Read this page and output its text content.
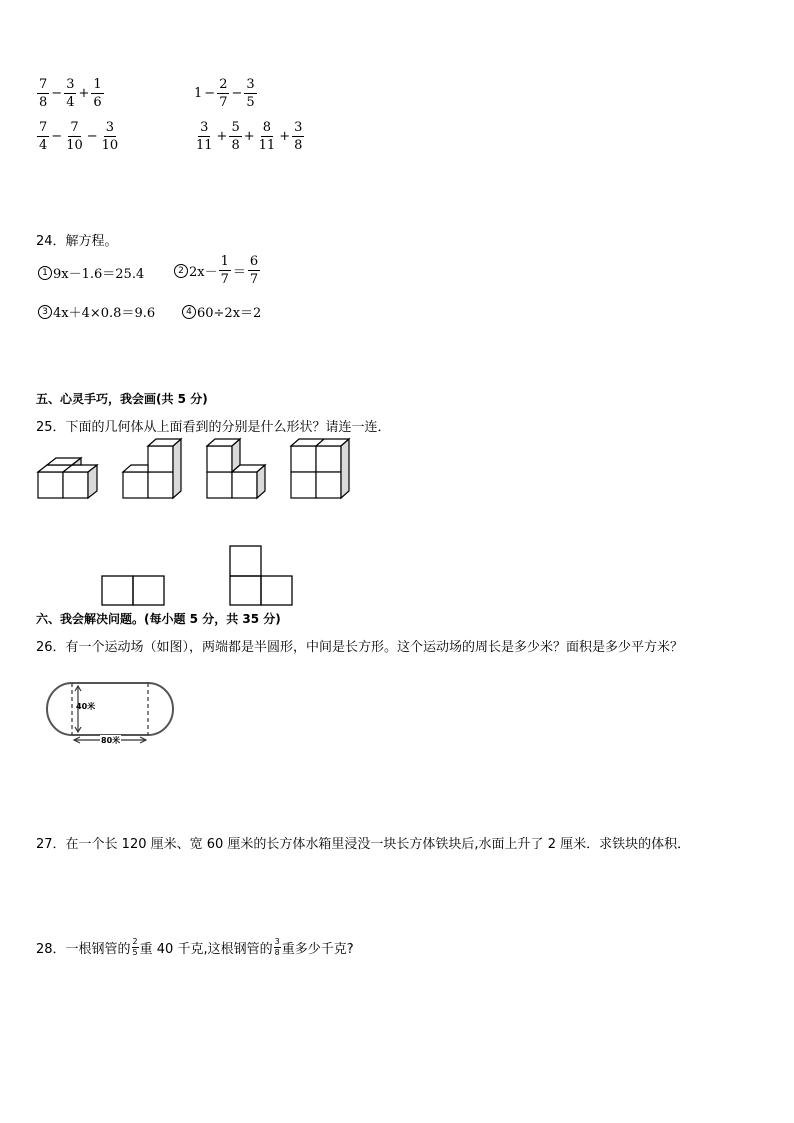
$\frac{7}{8} - \frac{3}{4} + \frac{1}{6}$	$1 - \frac{2}{7} - \frac{3}{5}$
$\frac{7}{4} - \frac{7}{10} - \frac{3}{10}$	$\frac{3}{11} + \frac{5}{8} + \frac{8}{11} + \frac{3}{8}$
24．解方程。
1 9x－1.6＝25.4	2 $2x- \frac{1}{7} = \frac{6}{7}$
3 4x＋4×0.8＝9.6	4 60÷2x＝2
五、心灵手巧，我会画(共 5 分)
25．下面的几何体从上面看到的分别是什么形状？请连一连．
六、我会解决问题。(每小题 5 分，共 35 分)
26．有一个运动场（如图），两端都是半圆形，中间是长方形。这个运动场的周长是多少米？面积是多少平方米？
40米
80米
27．在一个长 120 厘米、宽 60 厘米的长方体水箱里浸没一块长方体铁块后,水面上升了 2 厘米．求铁块的体积．
28．一根钢管的 $\frac{2}{5}$ 重 40 千克,这根钢管的 $\frac{3}{8}$ 重多少千克?
